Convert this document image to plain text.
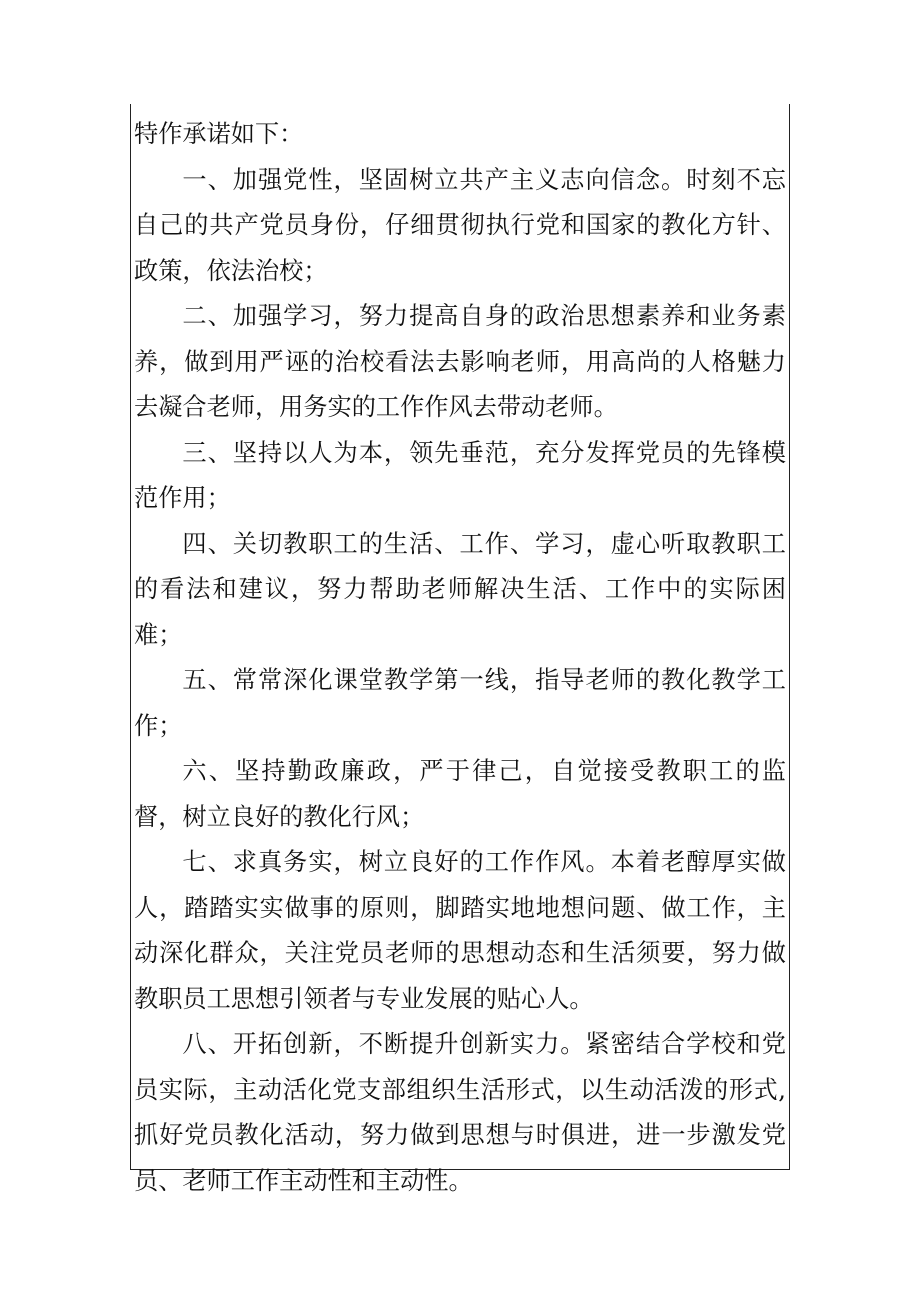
特作承诺如下：

一、加强党性，坚固树立共产主义志向信念。时刻不忘自己的共产党员身份，仔细贯彻执行党和国家的教化方针、政策，依法治校；

二、加强学习，努力提高自身的政治思想素养和业务素养，做到用严诬的治校看法去影响老师，用高尚的人格魅力去凝合老师，用务实的工作作风去带动老师。

三、坚持以人为本，领先垂范，充分发挥党员的先锋模范作用；

四、关切教职工的生活、工作、学习，虚心听取教职工的看法和建议，努力帮助老师解决生活、工作中的实际困难；

五、常常深化课堂教学第一线，指导老师的教化教学工作；

六、坚持勤政廉政，严于律己，自觉接受教职工的监督，树立良好的教化行风；

七、求真务实，树立良好的工作作风。本着老醇厚实做人，踏踏实实做事的原则，脚踏实地地想问题、做工作，主动深化群众，关注党员老师的思想动态和生活须要，努力做教职员工思想引领者与专业发展的贴心人。

八、开拓创新，不断提升创新实力。紧密结合学校和党员实际，主动活化党支部组织生活形式，以生动活泼的形式,抓好党员教化活动，努力做到思想与时俱进，进一步激发党员、老师工作主动性和主动性。
